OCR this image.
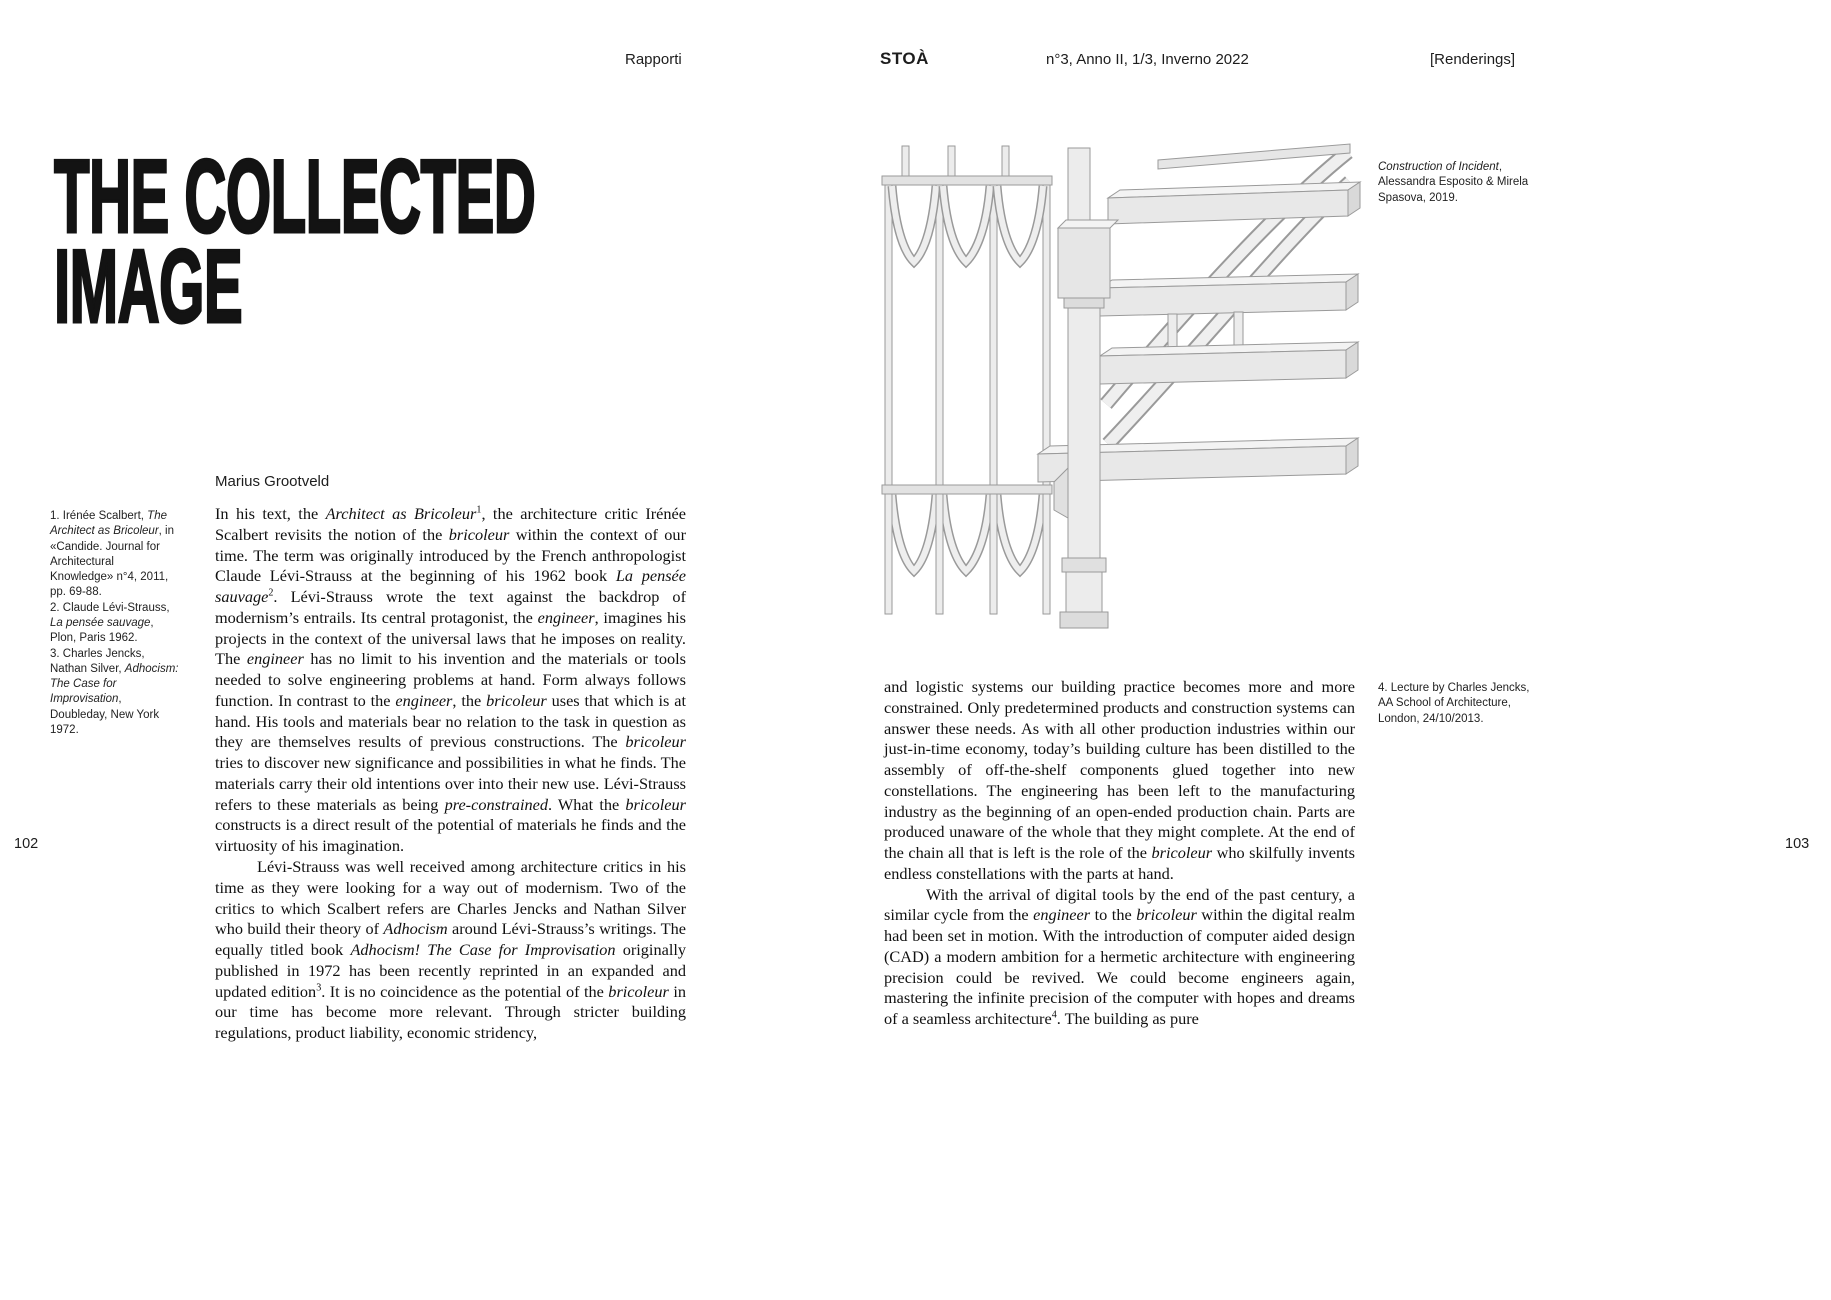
Rapporti	STOÀ	n°3, Anno II, 1/3, Inverno 2022	[Renderings]
102	103
THE COLLECTED
IMAGE
Marius Grootveld

1. Irénée Scalbert, The Architect as Bricoleur, in «Candide. Journal for Architectural Knowledge» n°4, 2011, pp. 69-88.

2. Claude Lévi-Strauss, La pensée sauvage, Plon, Paris 1962.

3. Charles Jencks, Nathan Silver, Adhocism: The Case for Improvisation, Doubleday, New York 1972.

In his text, the Architect as Bricoleur$^1$, the architecture critic Irénée Scalbert revisits the notion of the bricoleur within the context of our time. The term was originally introduced by the French anthropologist Claude Lévi-Strauss at the beginning of his 1962 book La pensée sauvage$^2$. Lévi-Strauss wrote the text against the backdrop of modernism’s entrails. Its central protagonist, the engineer, imagines his projects in the context of the universal laws that he imposes on reality. The engineer has no limit to his invention and the materials or tools needed to solve engineering problems at hand. Form always follows function. In contrast to the engineer, the bricoleur uses that which is at hand. His tools and materials bear no relation to the task in question as they are themselves results of previous constructions. The bricoleur tries to discover new significance and possibilities in what he finds. The materials carry their old intentions over into their new use. Lévi-Strauss refers to these materials as being pre-constrained. What the bricoleur constructs is a direct result of the potential of materials he finds and the virtuosity of his imagination.

Lévi-Strauss was well received among architecture critics in his time as they were looking for a way out of modernism. Two of the critics to which Scalbert refers are Charles Jencks and Nathan Silver who build their theory of Adhocism around Lévi-Strauss’s writings. The equally titled book Adhocism! The Case for Improvisation originally published in 1972 has been recently reprinted in an expanded and updated edition$^3$. It is no coincidence as the potential of the bricoleur in our time has become more relevant. Through stricter building regulations, product liability, economic stridency,

Construction of Incident, Alessandra Esposito & Mirela Spasova, 2019.
4. Lecture by Charles Jencks, AA School of Architecture, London, 24/10/2013.

and logistic systems our building practice becomes more and more constrained. Only predetermined products and construction systems can answer these needs. As with all other production industries within our just-in-time economy, today’s building culture has been distilled to the assembly of off-the-shelf components glued together into new constellations. The engineering has been left to the manufacturing industry as the beginning of an open-ended production chain. Parts are produced unaware of the whole that they might complete. At the end of the chain all that is left is the role of the bricoleur who skilfully invents endless constellations with the parts at hand.

With the arrival of digital tools by the end of the past century, a similar cycle from the engineer to the bricoleur within the digital realm had been set in motion. With the introduction of computer aided design (CAD) a modern ambition for a hermetic architecture with engineering precision could be revived. We could become engineers again, mastering the infinite precision of the computer with hopes and dreams of a seamless architecture$^4$. The building as pure
